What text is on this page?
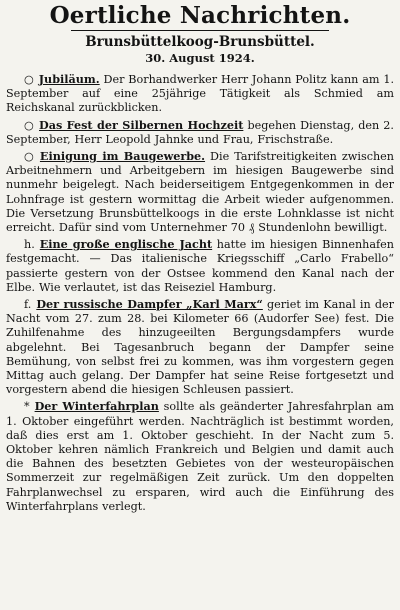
Oertliche Nachrichten.
Brunsbüttelkoog-Brunsbüttel.
30. August 1924.

○ Jubiläum. Der Borhandwerker Herr Johann Politz kann am 1. September auf eine 25jährige Tätigkeit als Schmied am Reichskanal zurückblicken.

○ Das Fest der Silbernen Hochzeit begehen Dienstag, den 2. September, Herr Leopold Jahnke und Frau, Frischstraße.

○ Einigung im Baugewerbe. Die Tarifstreitigkeiten zwischen Arbeitnehmern und Arbeitgebern im hiesigen Baugewerbe sind nunmehr beigelegt. Nach beiderseitigem Entgegenkommen in der Lohnfrage ist gestern wormittag die Arbeit wieder aufgenommen. Die Versetzung Brunsbüttelkoogs in die erste Lohnklasse ist nicht erreicht. Dafür sind vom Unternehmer 70 ₰ Stundenlohn bewilligt.

h. Eine große englische Jacht hatte im hiesigen Binnenhafen festgemacht. — Das italienische Kriegsschiff „Carlo Frabello“ passierte gestern von der Ostsee kommend den Kanal nach der Elbe. Wie verlautet, ist das Reiseziel Hamburg.

f. Der russische Dampfer „Karl Marx“ geriet im Kanal in der Nacht vom 27. zum 28. bei Kilometer 66 (Audorfer See) fest. Die Zuhilfenahme des hinzugeeilten Bergungsdampfers wurde abgelehnt. Bei Tagesanbruch begann der Dampfer seine Bemühung, von selbst frei zu kommen, was ihm vorgestern gegen Mittag auch gelang. Der Dampfer hat seine Reise fortgesetzt und vorgestern abend die hiesigen Schleusen passiert.

* Der Winterfahrplan sollte als geänderter Jahresfahrplan am 1. Oktober eingeführt werden. Nachträglich ist bestimmt worden, daß dies erst am 1. Oktober geschieht. In der Nacht zum 5. Oktober kehren nämlich Frankreich und Belgien und damit auch die Bahnen des besetzten Gebietes von der westeuropäischen Sommerzeit zur regelmäßigen Zeit zurück. Um den doppelten Fahrplanwechsel zu ersparen, wird auch die Einführung des Winterfahrplans verlegt.
